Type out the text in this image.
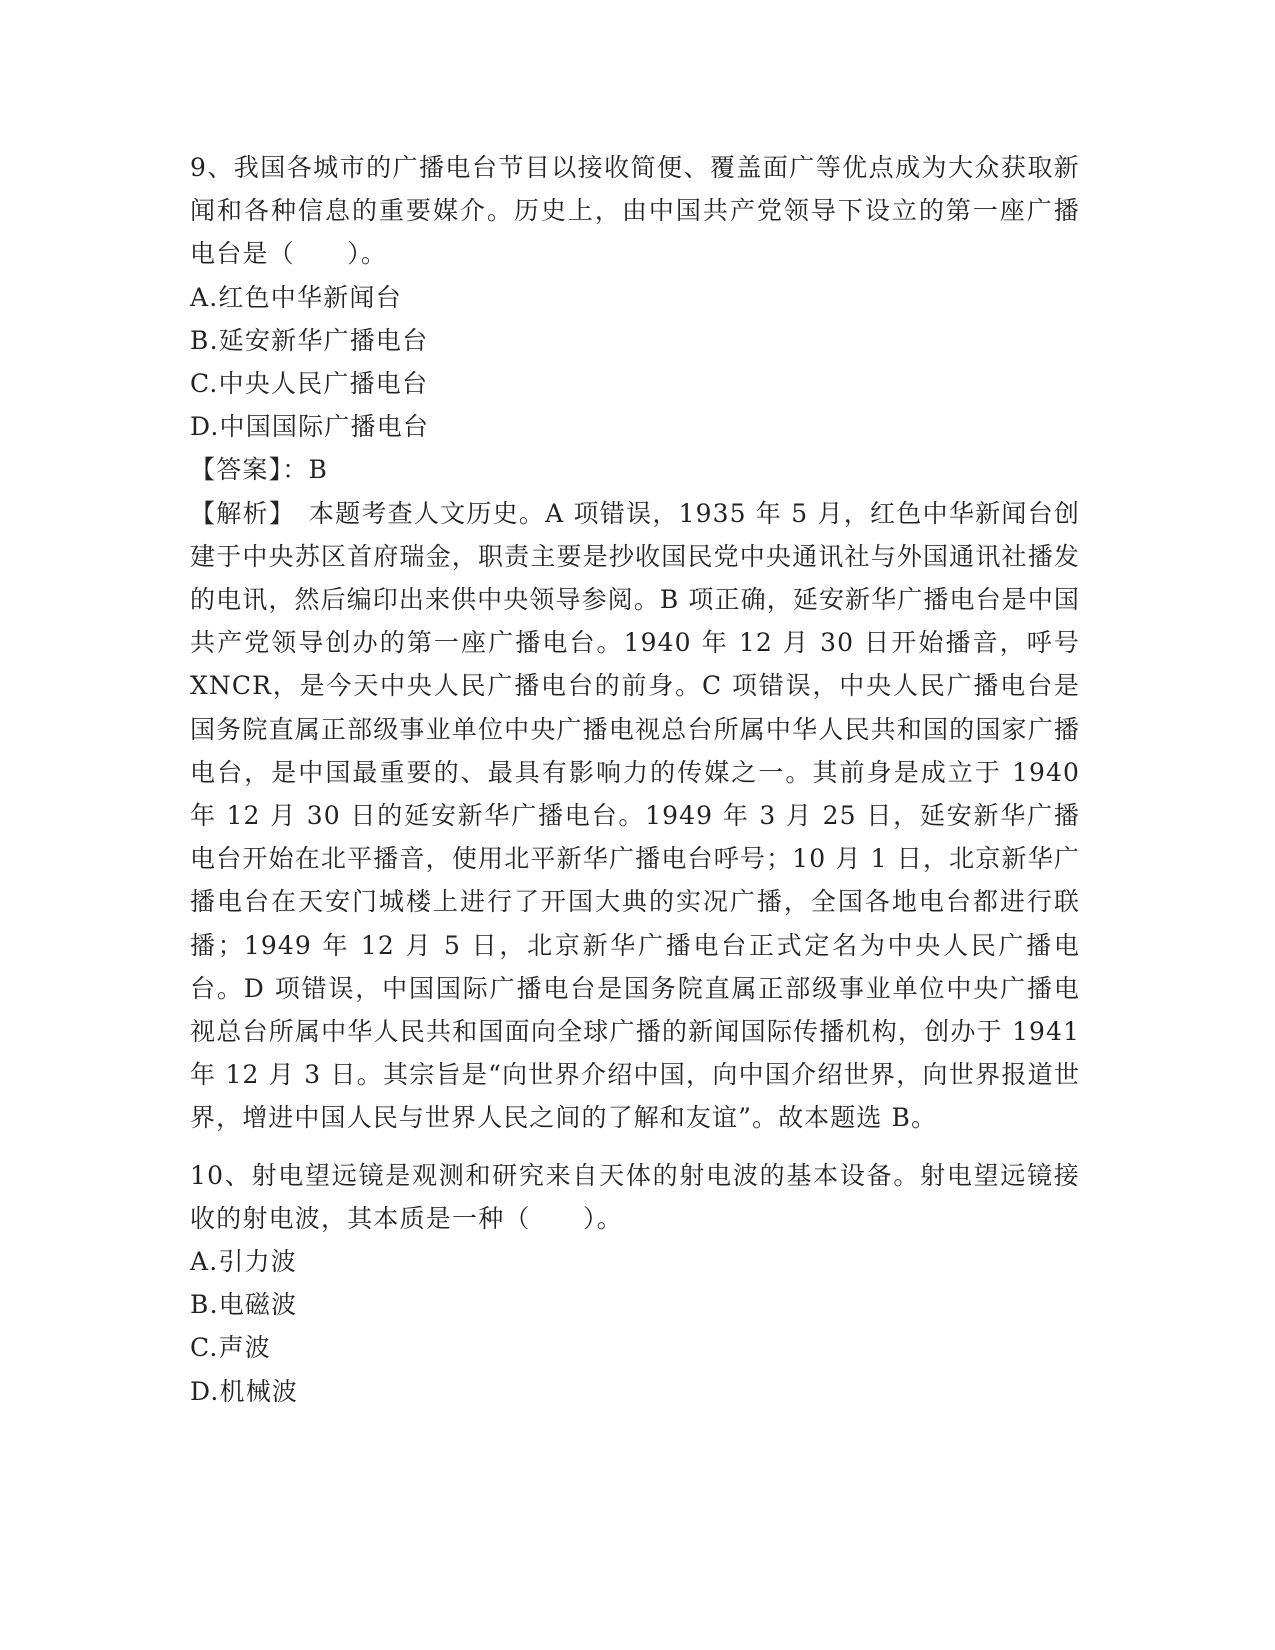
9、我国各城市的广播电台节目以接收简便、覆盖面广等优点成为大众获取新闻和各种信息的重要媒介。历史上，由中国共产党领导下设立的第一座广播电台是（　　）。

A.红色中华新闻台

B.延安新华广播电台

C.中央人民广播电台

D.中国国际广播电台

【答案】：B

【解析】　本题考查人文历史。A 项错误，1935 年 5 月，红色中华新闻台创建于中央苏区首府瑞金，职责主要是抄收国民党中央通讯社与外国通讯社播发的电讯，然后编印出来供中央领导参阅。B 项正确，延安新华广播电台是中国共产党领导创办的第一座广播电台。1940 年 12 月 30 日开始播音，呼号 XNCR，是今天中央人民广播电台的前身。C 项错误，中央人民广播电台是国务院直属正部级事业单位中央广播电视总台所属中华人民共和国的国家广播电台，是中国最重要的、最具有影响力的传媒之一。其前身是成立于 1940 年 12 月 30 日的延安新华广播电台。1949 年 3 月 25 日，延安新华广播电台开始在北平播音，使用北平新华广播电台呼号；10 月 1 日，北京新华广播电台在天安门城楼上进行了开国大典的实况广播，全国各地电台都进行联播；1949 年 12 月 5 日，北京新华广播电台正式定名为中央人民广播电台。D 项错误，中国国际广播电台是国务院直属正部级事业单位中央广播电视总台所属中华人民共和国面向全球广播的新闻国际传播机构，创办于 1941 年 12 月 3 日。其宗旨是“向世界介绍中国，向中国介绍世界，向世界报道世界，增进中国人民与世界人民之间的了解和友谊”。故本题选 B。

10、射电望远镜是观测和研究来自天体的射电波的基本设备。射电望远镜接收的射电波，其本质是一种（　　）。

A.引力波

B.电磁波

C.声波

D.机械波
